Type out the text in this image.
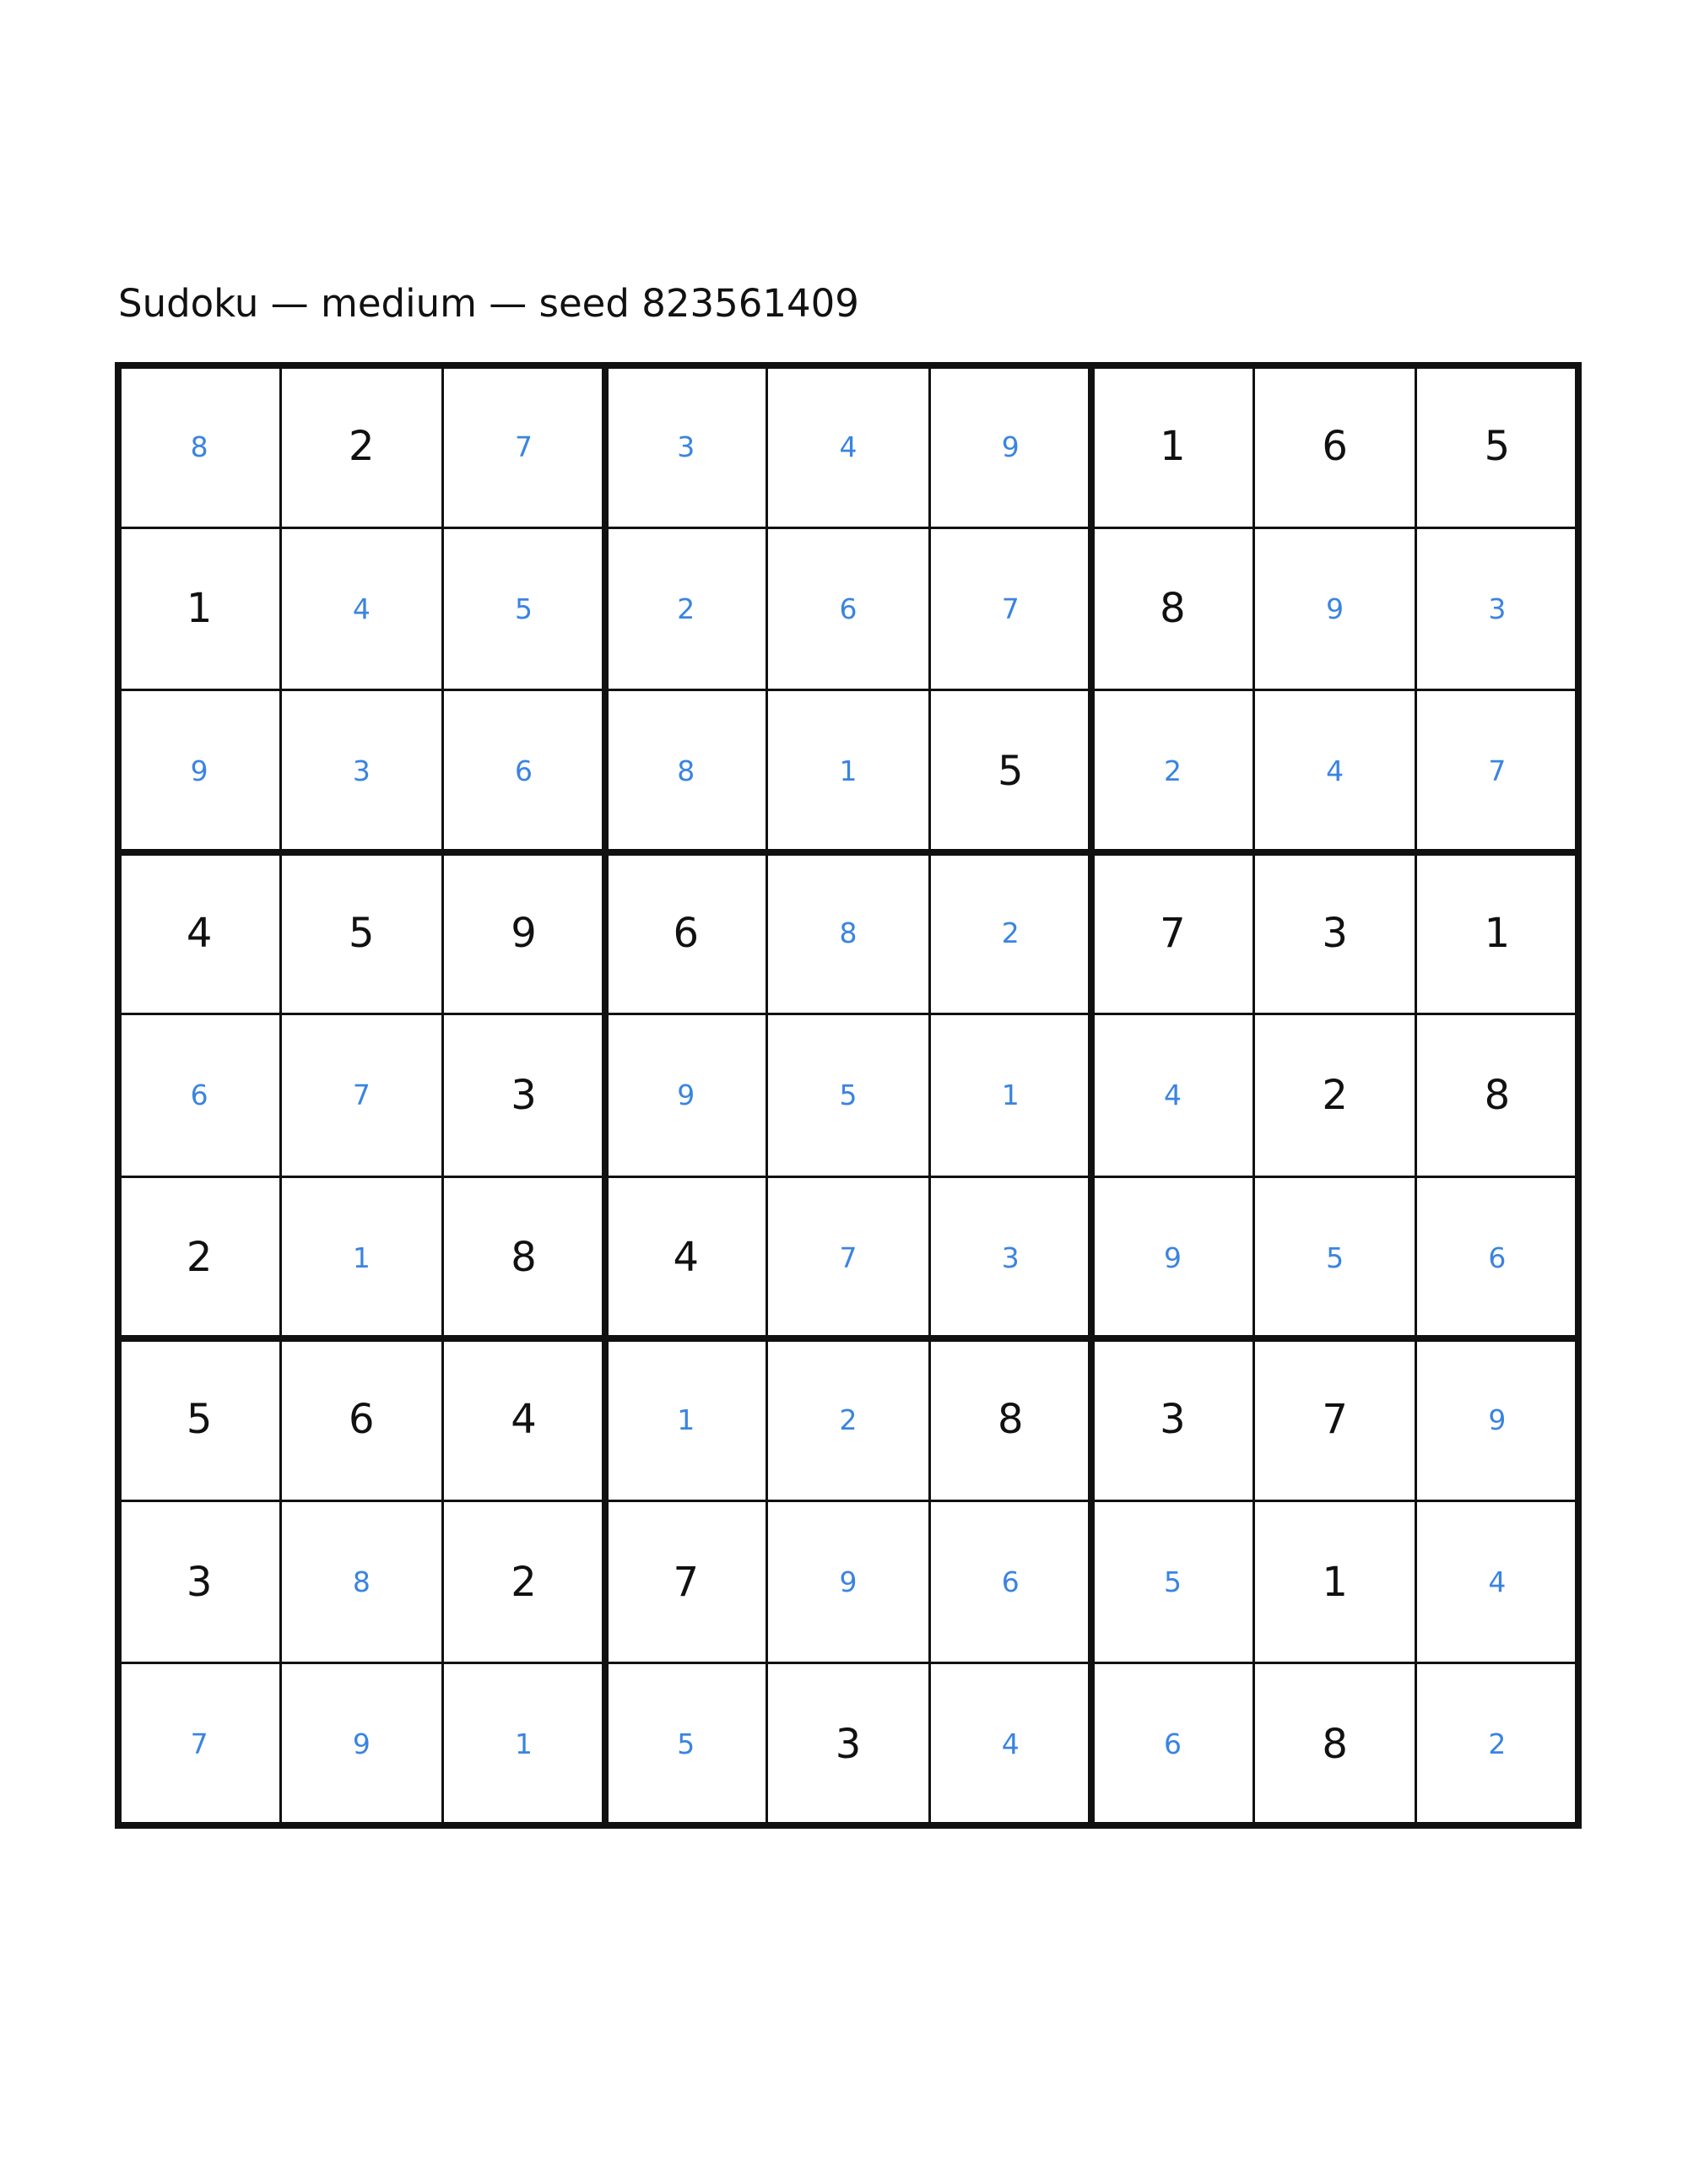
Sudoku — medium — seed 823561409
8	2	7	3	4	9	1	6	5
1	4	5	2	6	7	8	9	3
9	3	6	8	1	5	2	4	7
4	5	9	6	8	2	7	3	1
6	7	3	9	5	1	4	2	8
2	1	8	4	7	3	9	5	6
5	6	4	1	2	8	3	7	9
3	8	2	7	9	6	5	1	4
7	9	1	5	3	4	6	8	2
